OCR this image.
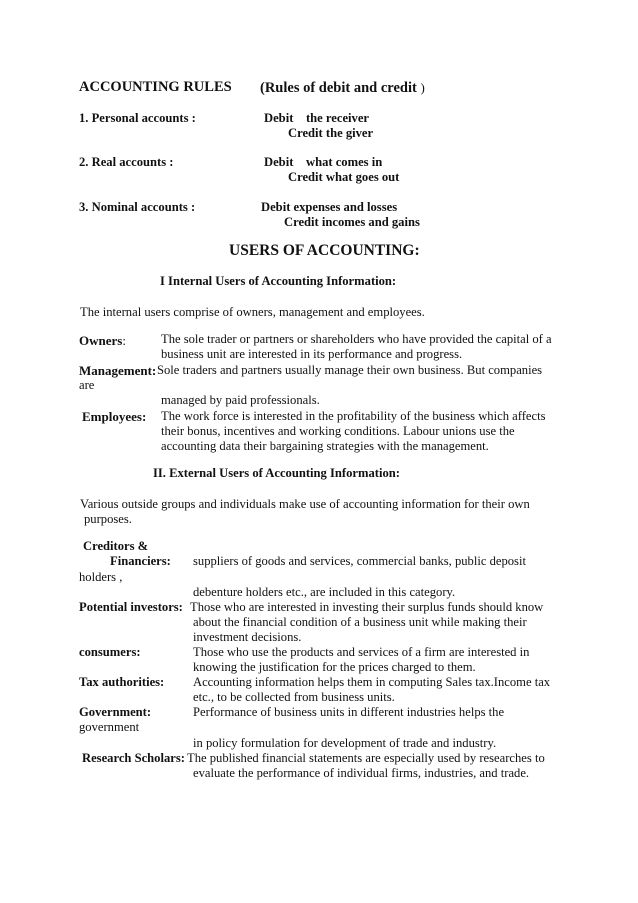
ACCOUNTING RULES (Rules of debit and credit )
1. Personal accounts :	Debit    the receiver
Credit the giver
2. Real accounts :	Debit    what comes in
Credit what goes out
3. Nominal accounts :	Debit expenses and losses
Credit incomes and gains
USERS OF ACCOUNTING:
I Internal Users of Accounting Information:
The internal users comprise of owners, management and employees.
Owners:	The sole trader or partners or shareholders who have provided the capital of a
business unit are interested in its performance and progress.
Management: Sole traders and partners usually manage their own business. But companies
are
managed by paid professionals.
Employees: The work force is interested in the profitability of the business which affects
their bonus, incentives and working conditions. Labour unions use the
accounting data their bargaining strategies with the management.
II. External Users of Accounting Information:
Various outside groups and individuals make use of accounting information for their own
purposes.
Creditors &
Financiers: suppliers of goods and services, commercial banks, public deposit
holders ,
debenture holders etc., are included in this category.
Potential investors: Those who are interested in investing their surplus funds should know
about the financial condition of a business unit while making their
investment decisions.
consumers:	Those who use the products and services of a firm are interested in
knowing the justification for the prices charged to them.
Tax authorities: Accounting information helps them in computing Sales tax.Income tax
etc., to be collected from business units.
Government:	Performance of business units in different industries helps the
government
in policy formulation for development of trade and industry.
Research Scholars: The published financial statements are especially used by researches to
evaluate the performance of individual firms, industries, and trade.
